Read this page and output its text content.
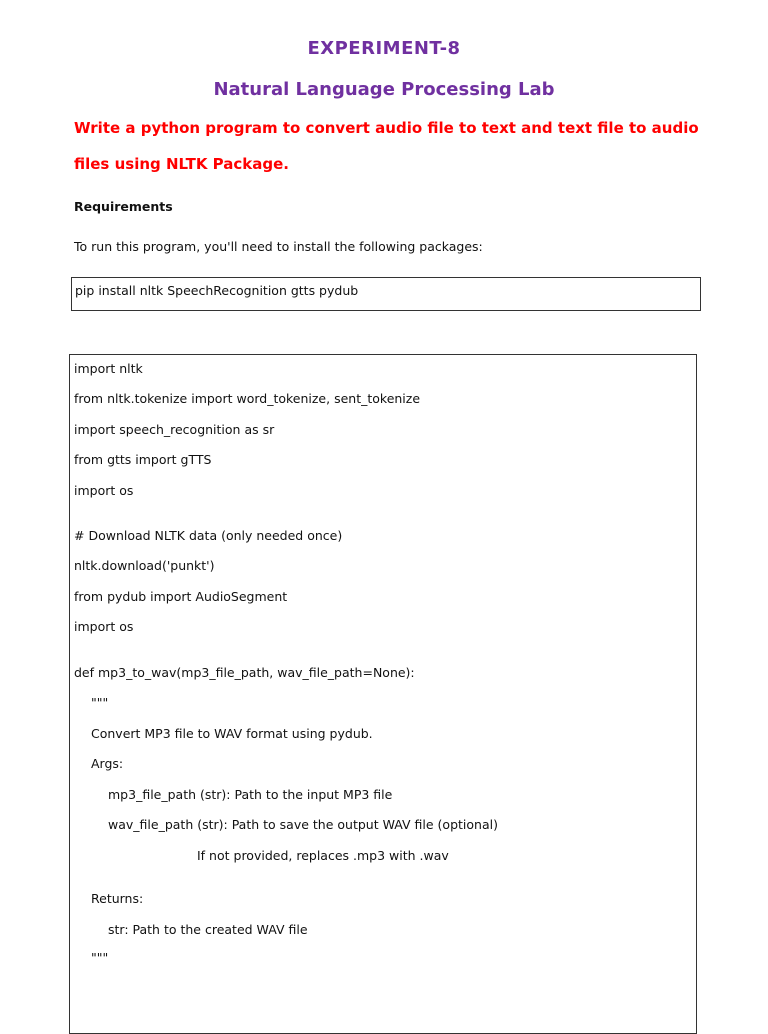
EXPERIMENT-8
Natural Language Processing Lab
Write a python program to convert audio file to text and text file to audio
files using NLTK Package.
Requirements
To run this program, you'll need to install the following packages:
pip install nltk SpeechRecognition gtts pydub
import nltk
from nltk.tokenize import word_tokenize, sent_tokenize
import speech_recognition as sr
from gtts import gTTS
import os
# Download NLTK data (only needed once)
nltk.download('punkt')
from pydub import AudioSegment
import os
def mp3_to_wav(mp3_file_path, wav_file_path=None):
"""
Convert MP3 file to WAV format using pydub.
Args:
mp3_file_path (str): Path to the input MP3 file
wav_file_path (str): Path to save the output WAV file (optional)
If not provided, replaces .mp3 with .wav
Returns:
str: Path to the created WAV file
"""
